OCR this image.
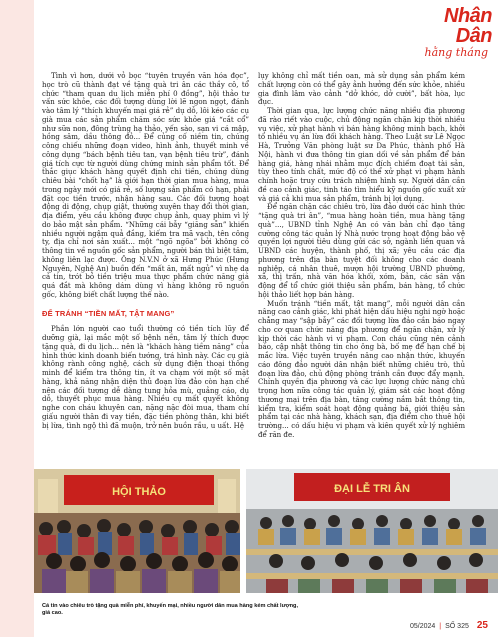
Nhân Dân
hằng tháng

Tình vì hơn, dưới vỏ bọc “tuyên truyền văn hóa đọc”, học trò cũ thành đạt về tặng quà tri ân các thầy cô, tổ chức “tham quan du lịch miễn phí 0 đồng”, hội thảo tư vấn sức khỏe, các đối tượng dùng lời lẽ ngon ngọt, đánh vào tâm lý “thích khuyến mại giá rẻ” dụ dỗ, lôi kéo các cụ già mua các sản phẩm chăm sóc sức khỏe giá “cắt cổ” như sữa non, đông trùng hạ thảo, yến sào, sạn vi cá mập, hồng sâm, dầu thông đỏ... Để củng cố niềm tin, chúng công chiếu những đoạn video, hình ảnh, thuyết minh về công dụng “bách bệnh tiêu tan, vạn bệnh tiêu trừ”, đánh giá tích cực từ người dùng chứng minh sản phẩm tốt. Để thắc giục khách hàng quyết định chi tiền, chúng dùng chiêu bài “chốt hạ” là giới hạn thời gian mua hàng, mua trong ngày mới có giá rẻ, số lượng sản phẩm có hạn, phải đặt cọc tiền trước, nhận hàng sau. Các đối tượng hoạt động di động, chụp giật, thường xuyên thay đổi thời gian, địa điểm, yêu cầu không được chụp ảnh, quay phim vì lý do bảo mật sản phẩm. “Những cái bẫy “giăng sẵn” khiến nhiều người ngậm quả đắng, kiếm tra mã vạch, tên công ty, địa chỉ nơi sản xuất... một “ngõ ngõa” bởi không có thông tin về nguồn gốc sản phẩm, người bán thì biệt tăm, không liên lạc được. Ông N.V.N ở xã Hưng Phúc (Hưng Nguyên, Nghệ An) buồn đến “mất ăn, mất ngủ” vì nhẹ dạ cả tin, trót bỏ tiền triệu mua thực phẩm chức năng giá quá đắt mà không dám dùng vì hàng không rõ nguồn gốc, không biết chất lượng thế nào.

ĐỂ TRÁNH “TIỀN MẤT, TẬT MANG”

Phần lớn người cao tuổi thường có tiền tích lũy để dưỡng già, lại mắc một số bệnh nền, tâm lý thích được tặng quà, đi du lịch... nên là “khách hàng tiềm năng” của hình thức kinh doanh biến tướng, trá hình này. Các cụ già không rành công nghệ, cách sử dụng điện thoại thông minh để kiểm tra thông tin, ít va chạm với một số mặt hàng, khả năng nhận diện thủ đoạn lừa đảo còn hạn chế nên các đối tượng dễ dàng tung hỏa mù, quảng cáo, dụ dỗ, thuyết phục mua hàng. Nhiều cụ mất quyết không nghe con cháu khuyên can, nặng nặc đòi mua, tham chí giấu người thân đi vay tiền, đặc tiền phòng thân, khi biết bị lừa, tình ngộ thì đã muộn, trở nên buồn rầu, u uất. Hệ

lụy không chỉ mất tiền oan, mà sử dụng sản phẩm kém chất lượng còn có thể gây ảnh hưởng đến sức khỏe, nhiều gia đình lâm vào cảnh “dở khóc, dở cười”, bất hòa, lục đục.

Thời gian qua, lực lượng chức năng nhiều địa phương đã rào riết vào cuộc, chủ động ngăn chặn kịp thời nhiều vụ việc, xử phạt hành vi bán hàng không minh bạch, khởi tố nhiều vụ án lừa đối khách hàng. Theo Luật sư Lê Ngọc Hà, Trưởng Văn phòng luật sư Da Phúc, thành phố Hà Nội, hành vi đưa thông tin gian dối về sản phẩm để bán hàng giá, hàng nhái nhằm mục đích chiếm đoạt tài sản, tùy theo tính chất, mức độ có thể xử phạt vi phạm hành chính hoặc truy cứu trách nhiệm hình sự. Người dân cần đề cao cảnh giác, tinh táo tìm hiểu kỹ nguồn gốc xuất xứ và giá cả khi mua sản phẩm, tránh bị lợi dụng.

Để ngăn chặn các chiêu trò, lừa đảo dưới các hình thức “tặng quà tri ân”, “mua hàng hoàn tiền, mua hàng tặng quà”..., UBND tỉnh Nghệ An có văn bản chỉ đạo tăng cường công tác quản lý Nhà nước trong hoạt động bảo vệ quyền lợi người tiêu dùng gửi các sở, ngành liên quan và UBND các huyện, thành phố, thị xã; yêu cầu các địa phương trên địa bàn tuyệt đối không cho các doanh nghiệp, cá nhân thuê, mượn hội trường UBND phường, xã, thị trấn, nhà văn hóa khối, xóm, bản, các sân vận động để tổ chức giới thiệu sản phẩm, bán hàng, tổ chức hội thảo liết hợp bán hàng.

Muốn tránh “tiền mất, tật mang”, mỗi người dân cần nâng cao cảnh giác, khi phát hiện dấu hiệu nghi ngờ hoặc chẳng may “sập bẫy” các đối tượng lừa đảo cần báo ngay cho cơ quan chức năng địa phương để ngăn chặn, xử lý kịp thời các hành vi vi phạm. Con cháu cũng nên cảnh báo, cập nhật thông tin cho ông bà, bố mẹ để hạn chế bị mắc lừa. Việc tuyên truyền nâng cao nhận thức, khuyến cáo đông đảo người dân nhận biết những chiêu trò, thủ đoạn lừa đảo, chủ động phòng tránh cần được đẩy mạnh. Chính quyền địa phương và các lực lượng chức năng chủ trọng hơn nữa công tác quản lý, giám sát các hoạt động thương mại trên địa bàn, tăng cường nắm bắt thông tin, kiểm tra, kiểm soát hoạt động quảng bá, giới thiệu sản phẩm tại các nhà hàng, khách sạn, địa điểm cho thuê hội trường... có dấu hiệu vi phạm và kiên quyết xử lý nghiêm để răn đe.

HỘI THẢO	ĐẠI LỄ TRI ÂN
Cá tin vào chiêu trò tặng quà miễn phí, khuyến mại, nhiều người dân mua hàng kém chất lượng, giá cao.
05/2024 | SỐ 325 25
